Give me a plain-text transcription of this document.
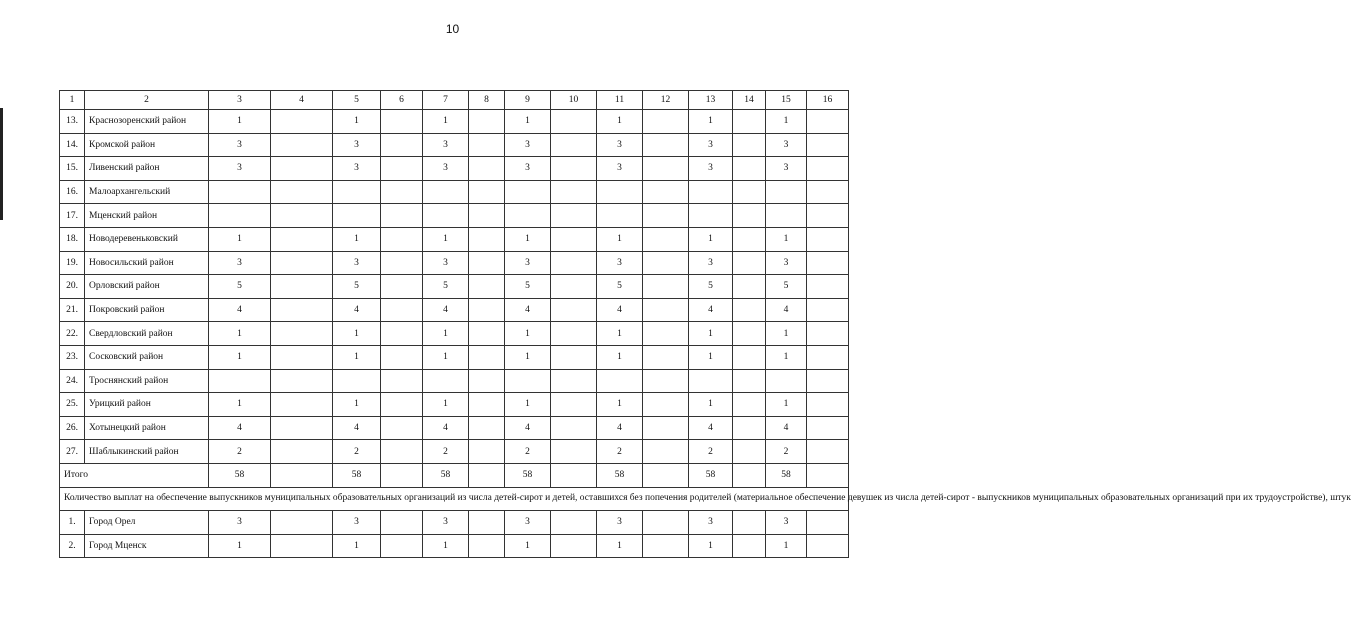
10
1	2	3	4	5	6	7	8	9	10	11	12	13	14	15	16
13.	Краснозоренский район	1		1		1		1		1		1		1	
14.	Кромской район	3		3		3		3		3		3		3	
15.	Ливенский район	3		3		3		3		3		3		3	
16.	Малоархангельский														
17.	Мценский район														
18.	Новодеревеньковский	1		1		1		1		1		1		1	
19.	Новосильский район	3		3		3		3		3		3		3	
20.	Орловский район	5		5		5		5		5		5		5	
21.	Покровский район	4		4		4		4		4		4		4	
22.	Свердловский район	1		1		1		1		1		1		1	
23.	Сосковский район	1		1		1		1		1		1		1	
24.	Троснянский район														
25.	Урицкий район	1		1		1		1		1		1		1	
26.	Хотынецкий район	4		4		4		4		4		4		4	
27.	Шаблыкинский район	2		2		2		2		2		2		2	
Итого		58		58		58		58		58		58		58	
Количество выплат на обеспечение выпускников муниципальных образовательных организаций из числа детей-сирот и детей, оставшихся без попечения родителей (материальное обеспечение девушек из числа детей-сирот - выпускников муниципальных образовательных организаций при их трудоустройстве), штук															
1.	Город Орел	3		3		3		3		3		3		3	
2.	Город Мценск	1		1		1		1		1		1		1	
